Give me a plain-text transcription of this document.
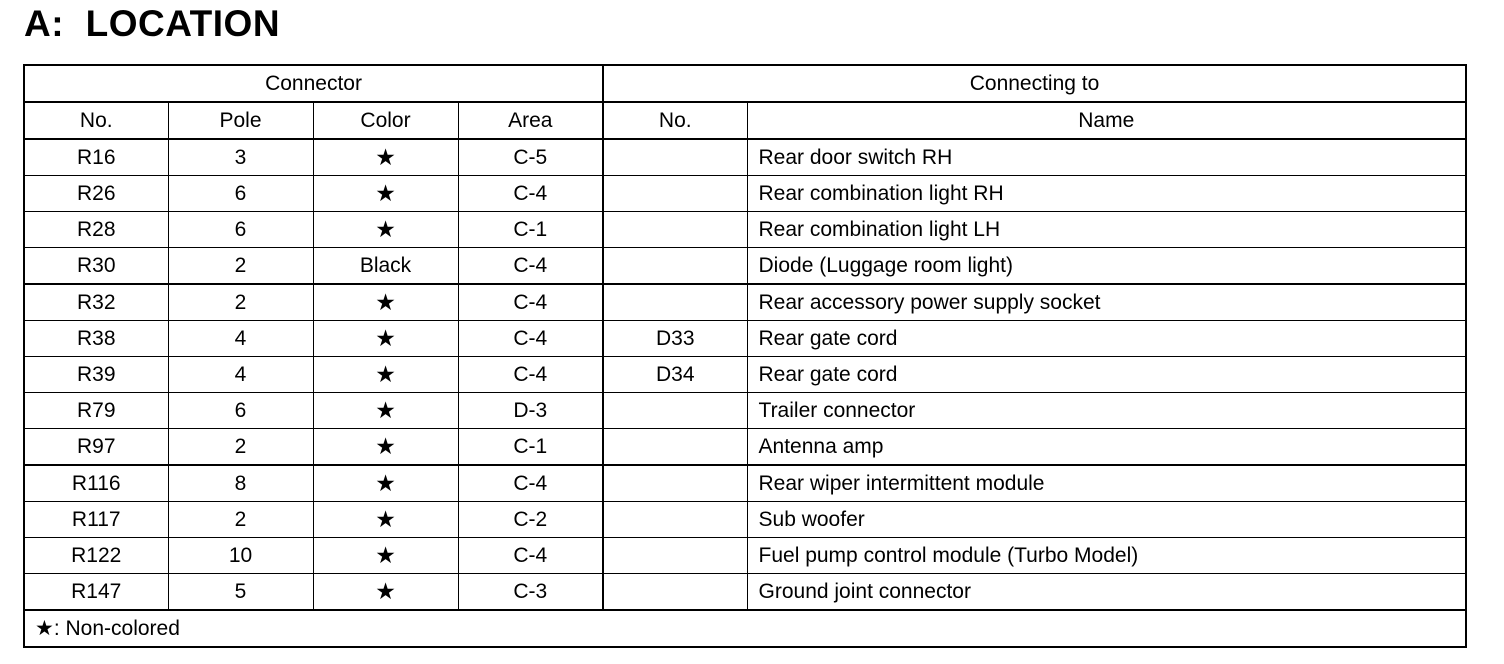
A:  LOCATION
Connector				Connecting to	
No.	Pole	Color	Area	No.	Name
R16	3	★	C-5		Rear door switch RH
R26	6	★	C-4		Rear combination light RH
R28	6	★	C-1		Rear combination light LH
R30	2	Black	C-4		Diode (Luggage room light)
R32	2	★	C-4		Rear accessory power supply socket
R38	4	★	C-4	D33	Rear gate cord
R39	4	★	C-4	D34	Rear gate cord
R79	6	★	D-3		Trailer connector
R97	2	★	C-1		Antenna amp
R116	8	★	C-4		Rear wiper intermittent module
R117	2	★	C-2		Sub woofer
R122	10	★	C-4		Fuel pump control module (Turbo Model)
R147	5	★	C-3		Ground joint connector
★: Non-colored					
